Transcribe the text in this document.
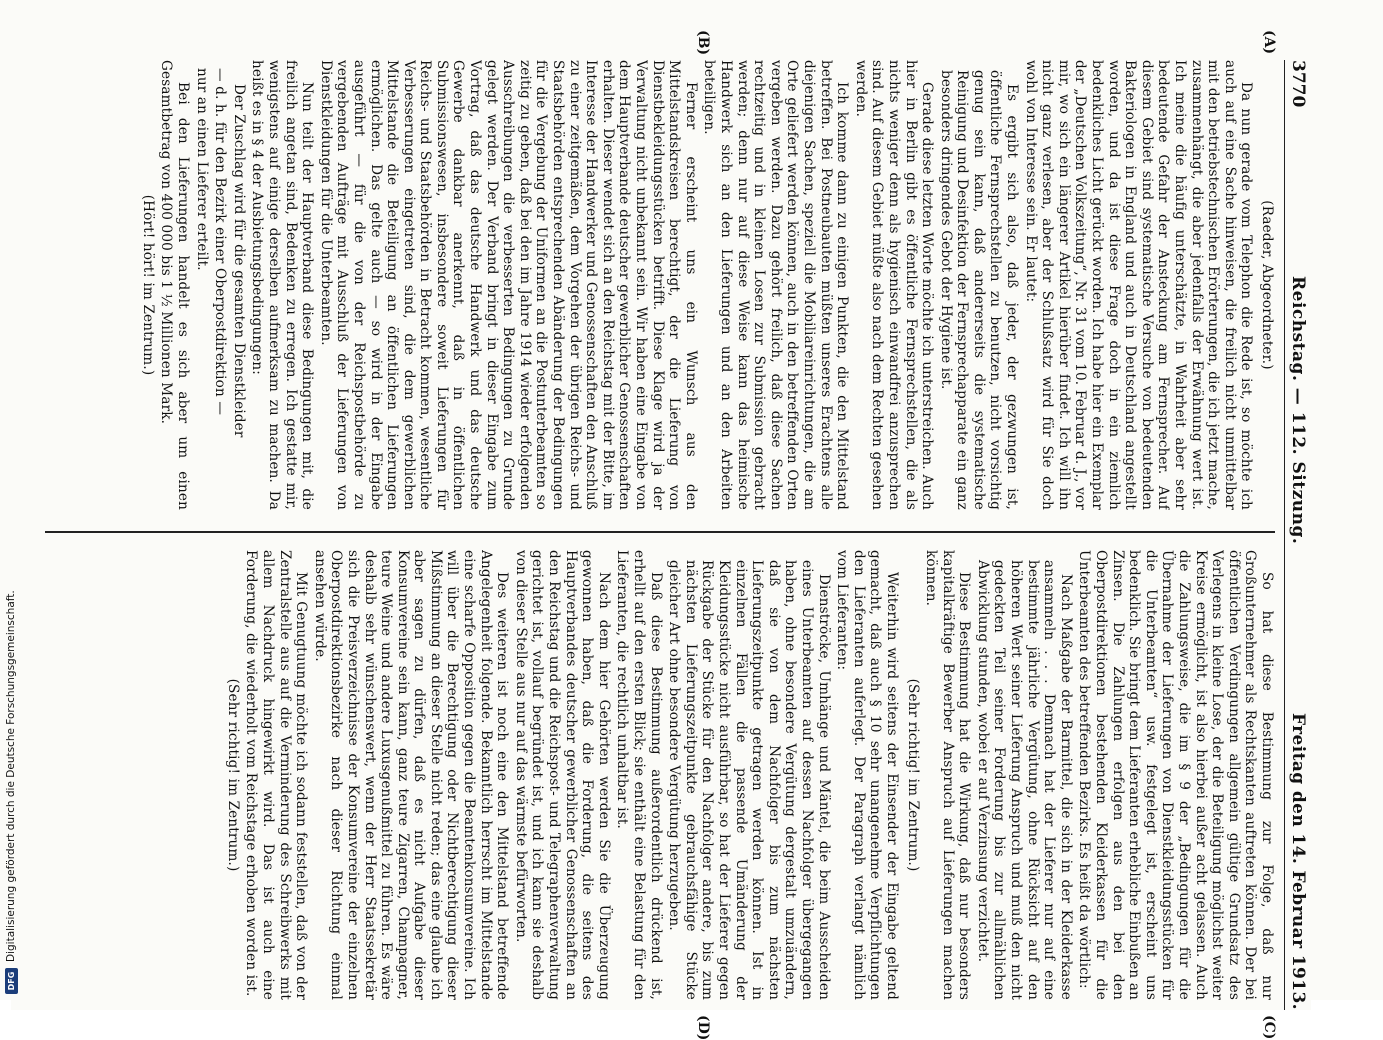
3770
Reichstag. — 112. Sitzung.
Freitag den 14. Februar 1913.
(A)
(B)
(C)
(D)

(Raeder, Abgeordneter.)

Da nun gerade vom Telephon die Rede ist, so möchte ich auch auf eine Sache hinweisen, die freilich nicht unmittelbar mit den betriebstechnischen Erörterungen, die ich jetzt mache, zusammenhängt, die aber jedenfalls der Erwähnung wert ist. Ich meine die häufig unterschätzte, in Wahrheit aber sehr bedeutende Gefahr der Ansteckung am Fernsprecher. Auf diesem Gebiet sind systematische Versuche von bedeutenden Bakteriologen in England und auch in Deutschland angestellt worden, und da ist diese Frage doch in ein ziemlich bedenkliches Licht gerückt worden. Ich habe hier ein Exemplar der „Deutschen Volkszeitung“, Nr. 31 vom 10. Februar d. J., vor mir, wo sich ein längerer Artikel hierüber findet. Ich will ihn nicht ganz verlesen, aber der Schlußsatz wird für Sie doch wohl von Interesse sein. Er lautet:

Es ergibt sich also, daß jeder, der gezwungen ist, öffentliche Fernsprechstellen zu benutzen, nicht vorsichtig genug sein kann, daß andererseits die systematische Reinigung und Desinfektion der Fernsprechapparate ein ganz besonders dringendes Gebot der Hygiene ist.

Gerade diese letzten Worte möchte ich unterstreichen. Auch hier in Berlin gibt es öffentliche Fernsprechstellen, die als nichts weniger denn als hygienisch einwandfrei anzusprechen sind. Auf diesem Gebiet müßte also nach dem Rechten gesehen werden.

Ich komme dann zu einigen Punkten, die den Mittelstand betreffen. Bei Postneubauten müßten unseres Erachtens alle diejenigen Sachen, speziell die Mobiliareinrichtungen, die am Orte geliefert werden können, auch in den betreffenden Orten vergeben werden. Dazu gehört freilich, daß diese Sachen rechtzeitig und in kleinen Losen zur Submission gebracht werden; denn nur auf diese Weise kann das heimische Handwerk sich an den Lieferungen und an den Arbeiten beteiligen.

Ferner erscheint uns ein Wunsch aus den Mittelstandskreisen berechtigt, der die Lieferung von Dienstbekleidungsstücken betrifft. Diese Klage wird ja der Verwaltung nicht unbekannt sein. Wir haben eine Eingabe von dem Hauptverbande deutscher gewerblicher Genossenschaften erhalten. Dieser wendet sich an den Reichstag mit der Bitte, im Interesse der Handwerker und Genossenschaften den Anschluß zu einer zeitgemäßen, dem Vorgehen der übrigen Reichs- und Staatsbehörden entsprechenden Abänderung der Bedingungen für die Vergebung der Uniformen an die Postunterbeamten so zeitig zu geben, daß bei den im Jahre 1914 wieder erfolgenden Ausschreibungen die verbesserten Bedingungen zu Grunde gelegt werden. Der Verband bringt in dieser Eingabe zum Vortrag, daß das deutsche Handwerk und das deutsche Gewerbe dankbar anerkennt, daß in öffentlichen Submissionswesen, insbesondere soweit Lieferungen für Reichs- und Staatsbehörden in Betracht kommen, wesentliche Verbesserungen eingetreten sind, die dem gewerblichen Mittelstande die Beteiligung an öffentlichen Lieferungen ermöglichen. Das gelte auch — so wird in der Eingabe ausgeführt — für die von der Reichspostbehörde zu vergebenden Aufträge mit Ausschluß der Lieferungen von Dienstkleidungen für die Unterbeamten.

Nun teilt der Hauptverband diese Bedingungen mit, die freilich angetan sind, Bedenken zu erregen. Ich gestatte mir, wenigstens auf einige derselben aufmerksam zu machen. Da heißt es in § 4 der Ausbietungsbedingungen:

Der Zuschlag wird für die gesamten Dienstkleider

— d. h. für den Bezirk einer Oberpostdirektion —

nur an einen Lieferer erteilt.

Bei den Lieferungen handelt es sich aber um einen Gesamtbetrag von 400 000 bis 1 ½ Millionen Mark.

(Hört! hört! im Zentrum.)

So hat diese Bestimmung zur Folge, daß nur Großunternehmer als Rechtskanten auftreten können. Der bei öffentlichen Verdingungen allgemein gültige Grundsatz des Verlegens in kleine Lose, der die Beteiligung möglichst weiter Kreise ermöglicht, ist also hierbei außer acht gelassen. Auch die Zahlungsweise, die im § 9 der „Bedingungen für die Übernahme der Lieferungen von Dienstkleidungsstücken für die Unterbeamten“ usw. festgelegt ist, erscheint uns bedenklich. Sie bringt dem Lieferanten erhebliche Einbußen an Zinsen. Die Zahlungen erfolgen aus den bei den Oberpostdirektionen bestehenden Kleiderkassen für die Unterbeamten des betreffenden Bezirks. Es heißt da wörtlich:

Nach Maßgabe der Barmittel, die sich in der Kleiderkasse ansammeln . . . Demnach hat der Lieferer nur auf eine bestimmte jährliche Vergütung, ohne Rücksicht auf den höheren Wert seiner Lieferung Anspruch und muß den nicht gedeckten Teil seiner Forderung bis zur allmählichen Abwicklung stunden, wobei er auf Verzinsung verzichtet.

Diese Bestimmung hat die Wirkung, daß nur besonders kapitalkräftige Bewerber Anspruch auf Lieferungen machen können.

(Sehr richtig! im Zentrum.)

Weiterhin wird seitens der Einsender der Eingabe geltend gemacht, daß auch § 10 sehr unangenehme Verpflichtungen den Lieferanten auferlegt. Der Paragraph verlangt nämlich vom Lieferanten:

Dienströcke, Umhänge und Mäntel, die beim Ausscheiden eines Unterbeamten auf dessen Nachfolger übergegangen haben, ohne besondere Vergütung dergestalt umzuändern, daß sie von dem Nachfolger bis zum nächsten Lieferungszeitpunkte getragen werden können. Ist in einzelnen Fällen die passende Umänderung der Kleidungsstücke nicht ausführbar, so hat der Lieferer gegen Rückgabe der Stücke für den Nachfolger andere, bis zum nächsten Lieferungszeitpunkte gebrauchsfähige Stücke gleicher Art ohne besondere Vergütung herzugeben.

Daß diese Bestimmung außerordentlich drückend ist, erhellt auf den ersten Blick; sie enthält eine Belastung für den Lieferanten, die rechtlich unhaltbar ist.

Nach dem hier Gehörten werden Sie die Überzeugung gewonnen haben, daß die Forderung, die seitens des Hauptverbandes deutscher gewerblicher Genossenschaften an den Reichstag und die Reichspost- und Telegraphenverwaltung gerichtet ist, vollauf begründet ist, und ich kann sie deshalb von dieser Stelle aus nur auf das wärmste befürworten.

Des weiteren ist noch eine den Mittelstand betreffende Angelegenheit folgende. Bekanntlich herrscht im Mittelstande eine scharfe Opposition gegen die Beamtenkonsumvereine. Ich will über die Berechtigung oder Nichtberechtigung dieser Mißstimmung an dieser Stelle nicht reden; das eine glaube ich aber sagen zu dürfen, daß es nicht Aufgabe dieser Konsumvereine sein kann, ganz teure Zigarren, Champagner, teure Weine und andere Luxusgenußmittel zu führen. Es wäre deshalb sehr wünschenswert, wenn der Herr Staatssekretär sich die Preisverzeichnisse der Konsumvereine der einzelnen Oberpostdirektionsbezirke nach dieser Richtung einmal ansehen würde.

Mit Genugtuung möchte ich sodann feststellen, daß von der Zentralstelle aus auf die Verminderung des Schreibwerks mit allem Nachdruck hingewirkt wird. Das ist auch eine Forderung, die wiederholt vom Reichstage erhoben worden ist.

(Sehr richtig! im Zentrum.)

DFG
Digitalisierung gefördert durch die Deutsche Forschungsgemeinschaft.
